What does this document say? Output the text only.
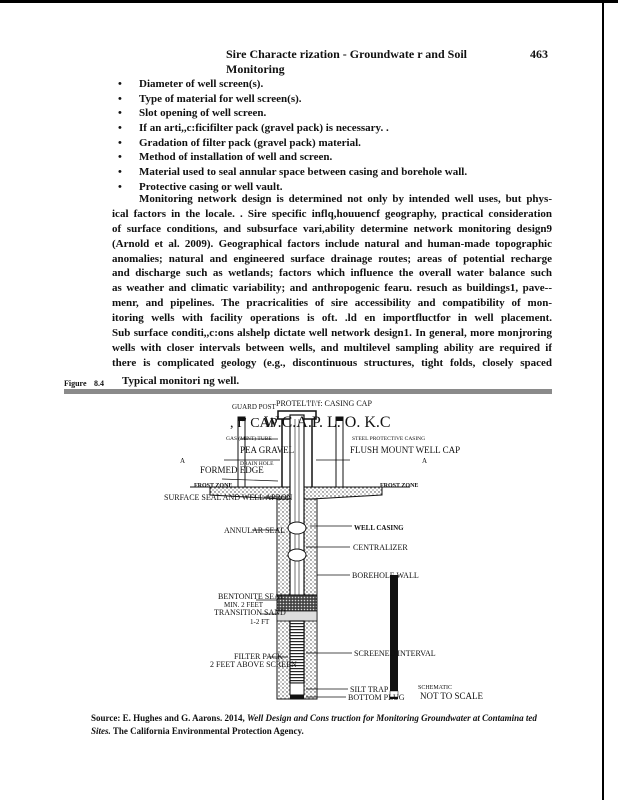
Sire Characte rization - Groundwate r and Soil Monitoring
463
• Diameter of well screen(s).
• Type of material for well screen(s).
• Slot opening of well screen.
• If an arti,,c:ficifilter pack (gravel pack) is necessary. .
• Gradation of filter pack (gravel pack) material.
• Method of installation of well and screen.
• Material used to seal annular space between casing and borehole wall.
• Protective casing or well vault.
Monitoring network design is determined not only by intended well uses, but phys-
ical factors in the locale. . Sire specific inflq,houuencf geography, practical consideration
of surface conditions, and subsurface vari,ability determine network monitoring design9
(Arnold et al. 2009). Geographical factors include natural and human-made topographic
anomalies; natural and engineered surface drainage routes; areas of potential recharge
and discharge such as wetlands; factors which influence the overall water balance such
as weather and climatic variability; and anthropogenic fearu. resuch as buildings1, pave--
menr, and pipelines. The pracricalities of sire accessibility and compatibility of mon-
itoring wells with facility operations is oft. .ld en importfluctfor in well placement.
Sub surface conditi,,c:ons alshelp dictate well network design1. In general, more monjroring
wells with closer intervals between wells, and multilevel sampling ability are required if
there is complicated geology (e.g., discontinuous structures, tight folds, closely spaced
Figure 8.4 Typical monitori ng well.
GUARD POST PROTEL'l'I\'f: CASING CAP
W.C.A.P. L. O. K.C
, I'' CAP
GAS (MINT) TUBE	STEEL PROTECTIVE CASING
PEA GRAVEL	FLUSH MOUNT WELL CAP
DRAIN HOLE
A	A
FORMED EDGE
FROST ZONE	FROST ZONE
SURFACE SEAL AND WELL APRON
ANNULAR SEAL	WELL CASING
CENTRALIZER
BOREHOLE WALL
BENTONITE SEAL
MIN. 2 FEET
TRANSITION SAND
1-2 FT
FILTER PACK
2 FEET ABOVE SCREEN
SCREENED INTERVAL
SILT TRAP
BOTTOM PLUG
SCHEMATIC
NOT TO SCALE
Source: E. Hughes and G. Aarons. 2014, Well Design and Cons truction for Monitoring Groundwater at Contamina ted Sites. The California Environmental Protection Agency.
